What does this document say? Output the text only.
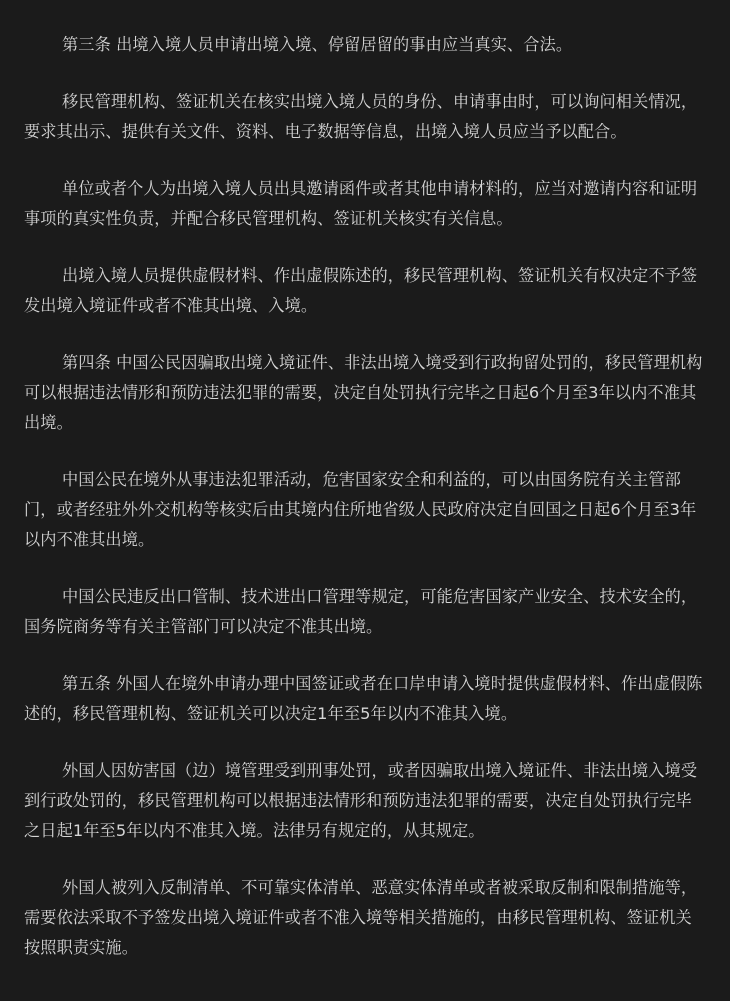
第三条 出境入境人员申请出境入境、停留居留的事由应当真实、合法。

移民管理机构、签证机关在核实出境入境人员的身份、申请事由时，可以询问相关情况，要求其出示、提供有关文件、资料、电子数据等信息，出境入境人员应当予以配合。

单位或者个人为出境入境人员出具邀请函件或者其他申请材料的，应当对邀请内容和证明事项的真实性负责，并配合移民管理机构、签证机关核实有关信息。

出境入境人员提供虚假材料、作出虚假陈述的，移民管理机构、签证机关有权决定不予签发出境入境证件或者不准其出境、入境。

第四条 中国公民因骗取出境入境证件、非法出境入境受到行政拘留处罚的，移民管理机构可以根据违法情形和预防违法犯罪的需要，决定自处罚执行完毕之日起6个月至3年以内不准其出境。

中国公民在境外从事违法犯罪活动，危害国家安全和利益的，可以由国务院有关主管部门，或者经驻外外交机构等核实后由其境内住所地省级人民政府决定自回国之日起6个月至3年以内不准其出境。

中国公民违反出口管制、技术进出口管理等规定，可能危害国家产业安全、技术安全的，国务院商务等有关主管部门可以决定不准其出境。

第五条 外国人在境外申请办理中国签证或者在口岸申请入境时提供虚假材料、作出虚假陈述的，移民管理机构、签证机关可以决定1年至5年以内不准其入境。

外国人因妨害国（边）境管理受到刑事处罚，或者因骗取出境入境证件、非法出境入境受到行政处罚的，移民管理机构可以根据违法情形和预防违法犯罪的需要，决定自处罚执行完毕之日起1年至5年以内不准其入境。法律另有规定的，从其规定。

外国人被列入反制清单、不可靠实体清单、恶意实体清单或者被采取反制和限制措施等，需要依法采取不予签发出境入境证件或者不准入境等相关措施的，由移民管理机构、签证机关按照职责实施。
